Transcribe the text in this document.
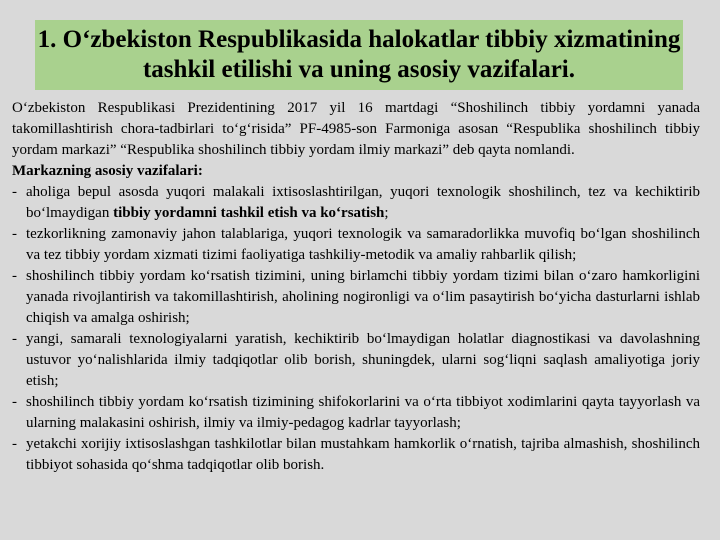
1. O‘zbekiston Respublikasida halokatlar tibbiy xizmatining tashkil etilishi va uning asosiy vazifalari.

O‘zbekiston Respublikasi Prezidentining 2017 yil 16 martdagi “Shoshilinch tibbiy yordamni yanada takomillashtirish chora-tadbirlari to‘g‘risida” PF-4985-son Farmoniga asosan “Respublika shoshilinch tibbiy yordam markazi” “Respublika shoshilinch tibbiy yordam ilmiy markazi” deb qayta nomlandi.

Markazning asosiy vazifalari:

- aholiga bepul asosda yuqori malakali ixtisoslashtirilgan, yuqori texnologik shoshilinch, tez va kechiktirib bo‘lmaydigan tibbiy yordamni tashkil etish va ko‘rsatish;
- tezkorlikning zamonaviy jahon talablariga, yuqori texnologik va samaradorlikka muvofiq bo‘lgan shoshilinch va tez tibbiy yordam xizmati tizimi faoliyatiga tashkiliy-metodik va amaliy rahbarlik qilish;
- shoshilinch tibbiy yordam ko‘rsatish tizimini, uning birlamchi tibbiy yordam tizimi bilan o‘zaro hamkorligini yanada rivojlantirish va takomillashtirish, aholining nogironligi va o‘lim pasaytirish bo‘yicha dasturlarni ishlab chiqish va amalga oshirish;
- yangi, samarali texnologiyalarni yaratish, kechiktirib bo‘lmaydigan holatlar diagnostikasi va davolashning ustuvor yo‘nalishlarida ilmiy tadqiqotlar olib borish, shuningdek, ularni sog‘liqni saqlash amaliyotiga joriy etish;
- shoshilinch tibbiy yordam ko‘rsatish tizimining shifokorlarini va o‘rta tibbiyot xodimlarini qayta tayyorlash va ularning malakasini oshirish, ilmiy va ilmiy-pedagog kadrlar tayyorlash;
- yetakchi xorijiy ixtisoslashgan tashkilotlar bilan mustahkam hamkorlik o‘rnatish, tajriba almashish, shoshilinch tibbiyot sohasida qo‘shma tadqiqotlar olib borish.
